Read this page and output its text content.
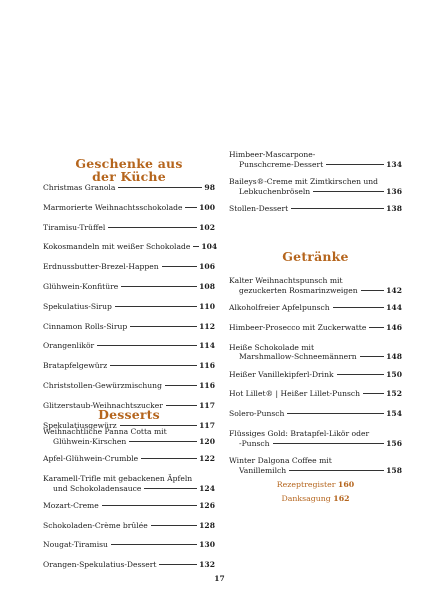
Geschenke aus
der Küche
Christmas Granola	98
Marmorierte Weihnachtsschokolade 100
Tiramisu-Trüffel	102
Kokosmandeln mit weißer Schokolade 104
Erdnussbutter-Brezel-Happen	106
Glühwein-Konfitüre	108
Spekulatius-Sirup	110
Cinnamon Rolls-Sirup	112
Orangenlikör	114
Bratapfelgewürz	116
Christstollen-Gewürzmischung	116
Glitzerstaub-Weihnachtszucker	117
Spekulatiusgewürz	117
Desserts
Weihnachtliche Panna Cotta mit
Glühwein-Kirschen	120
Apfel-Glühwein-Crumble	122
Karamell-Trifle mit gebackenen Äpfeln
und Schokoladensauce	124
Mozart-Creme	126
Schokoladen-Crème brûlée	128
Nougat-Tiramisu	130
Orangen-Spekulatius-Dessert	132
Himbeer-Mascarpone-
Punschcreme-Dessert	134
Baileys®-Creme mit Zimtkirschen und
Lebkuchenbröseln	136
Stollen-Dessert	138
Getränke
Kalter Weihnachtspunsch mit
gezuckerten Rosmarinzweigen	142
Alkoholfreier Apfelpunsch	144
Himbeer-Prosecco mit Zuckerwatte	146
Heiße Schokolade mit
Marshmallow-Schneemännern	148
Heißer Vanillekipferl-Drink	150
Hot Lillet® | Heißer Lillet-Punsch	152
Solero-Punsch	154
Flüssiges Gold: Bratapfel-Likör oder
-Punsch	156
Winter Dalgona Coffee mit
Vanillemilch	158
Rezeptregister 160
Danksagung 162
17
